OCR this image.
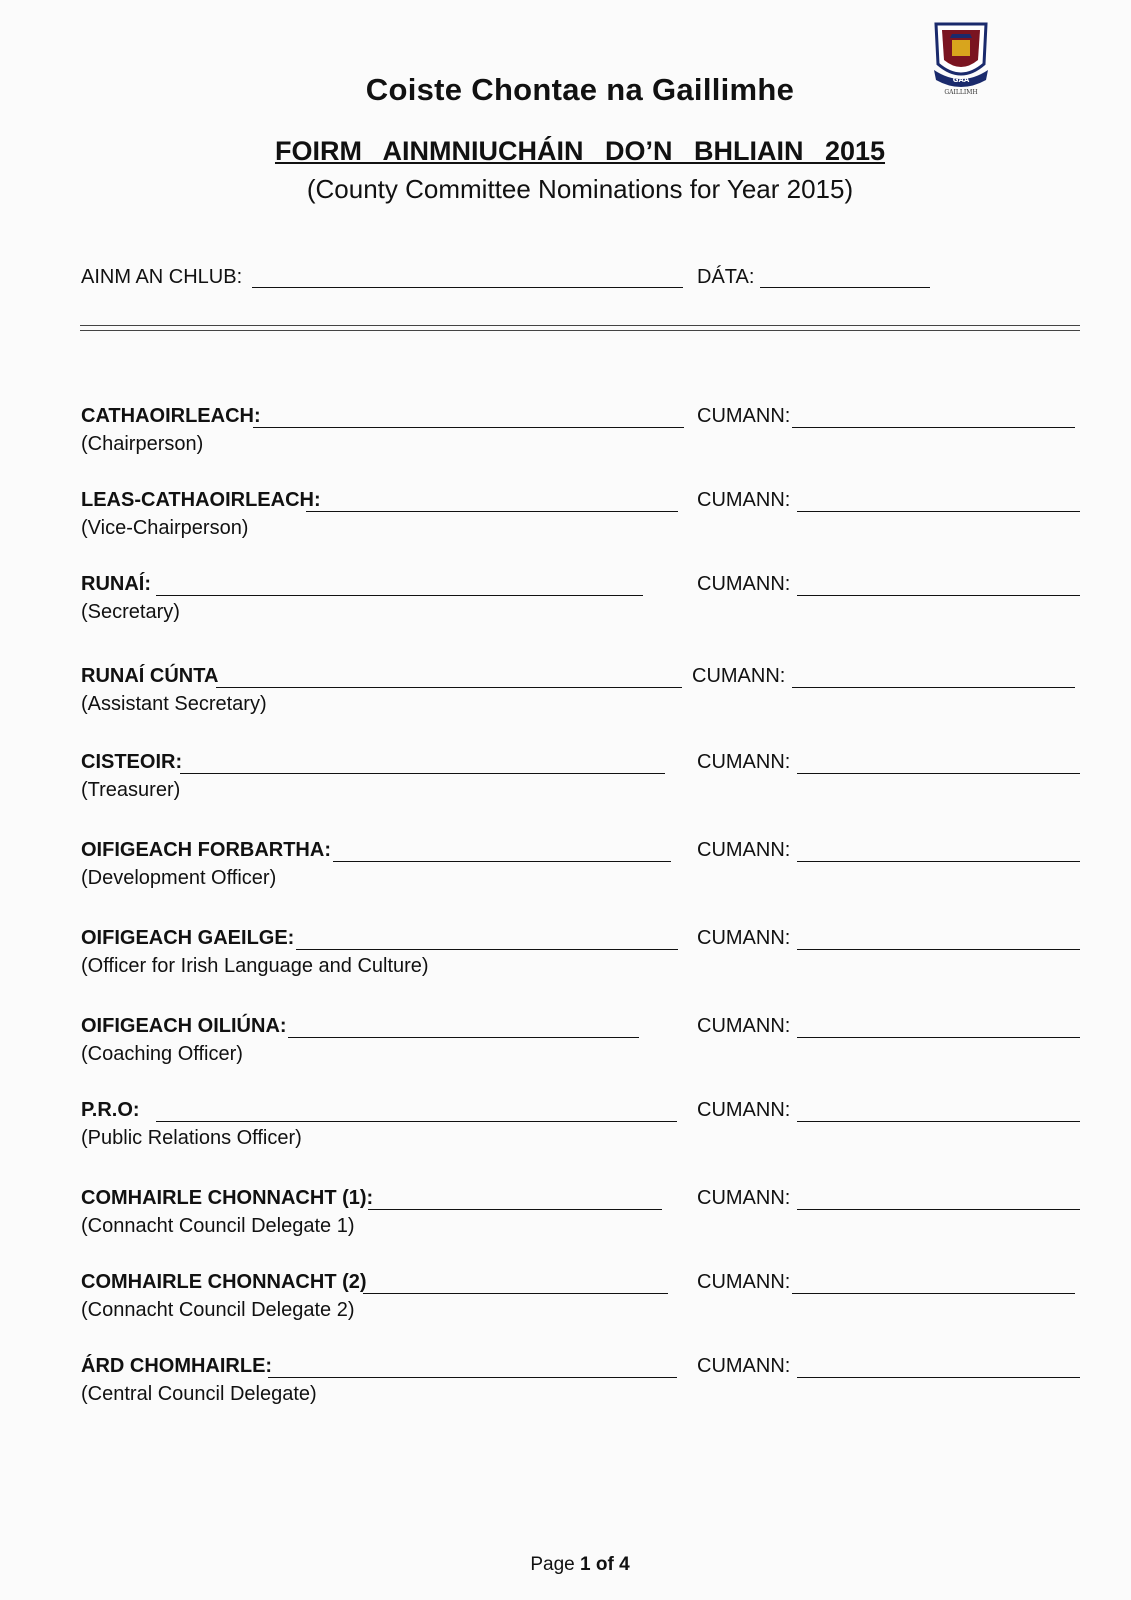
GAA
GAILLIMH
Coiste Chontae na Gaillimhe
FOIRM AINMNIUCHÁIN DO’N BHLIAIN 2015
(County Committee Nominations for Year 2015)
AINM AN CHLUB:	DÁTA:
CATHAOIRLEACH:	CUMANN:
(Chairperson)
LEAS-CATHAOIRLEACH:	CUMANN:
(Vice-Chairperson)
RUNAÍ:	CUMANN:
(Secretary)
RUNAÍ CÚNTA	CUMANN:
(Assistant Secretary)
CISTEOIR:	CUMANN:
(Treasurer)
OIFIGEACH FORBARTHA:	CUMANN:
(Development Officer)
OIFIGEACH GAEILGE:	CUMANN:
(Officer for Irish Language and Culture)
OIFIGEACH OILIÚNA:	CUMANN:
(Coaching Officer)
P.R.O:	CUMANN:
(Public Relations Officer)
COMHAIRLE CHONNACHT (1):	CUMANN:
(Connacht Council Delegate 1)
COMHAIRLE CHONNACHT (2)	CUMANN:
(Connacht Council Delegate 2)
ÁRD CHOMHAIRLE:	CUMANN:
(Central Council Delegate)
Page 1 of 4
